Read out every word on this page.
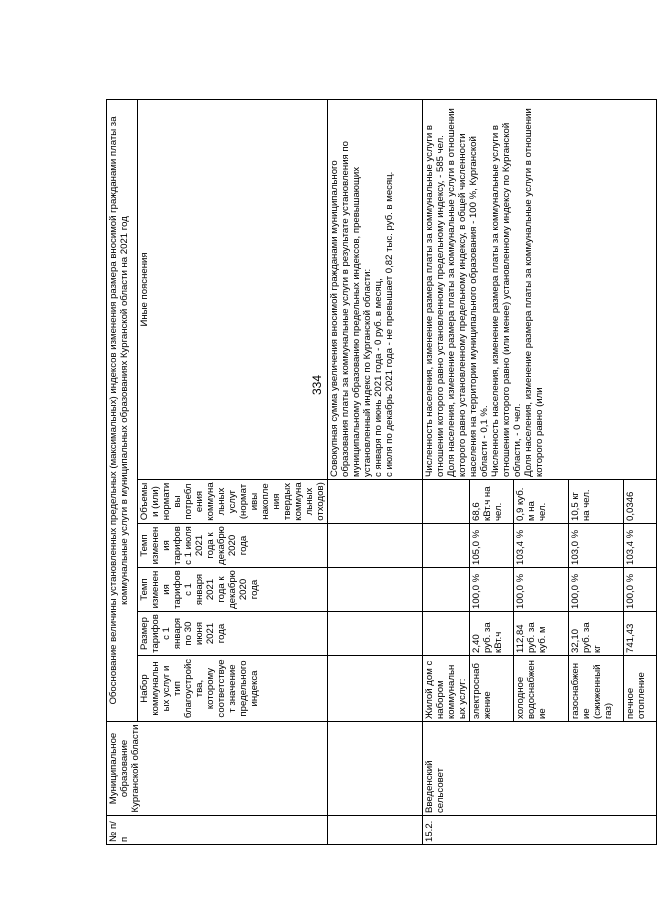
334
№ п/п	Муниципальное образование Курганской области	Обоснование величины установленных предельных (максимальных) индексов изменения размера вносимой гражданами платы за коммунальные услуги в муниципальных образованиях Курганской области на 2021 год					
		Набор коммунальных услуг и тип благоустройства, которому соответствует значение предельного индекса	Размер тарифов с 1 января по 30 июня 2021 года	Темп изменения тарифов с 1 января 2021 года к декабрю 2020 года	Темп изменения тарифов с 1 июля 2021 года к декабрю 2020 года	Объемы и (или) нормативы потребления коммунальных услуг (нормативы накопления твердых коммунальных отходов)	Иные пояснения
							Совокупная сумма увеличения вносимой гражданами муниципального образования платы за коммунальные услуги в результате установления по муниципальному образованию предельных индексов, превышающих установленный индекс по Курганской области:
с января по июнь 2021 года - 0 руб. в месяц,
с июля по декабрь 2021 года - не превышает 0,82 тыс. руб. в месяц.
15.2.	Введенский сельсовет	Жилой дом с набором коммунальных услуг:					Численность населения, изменение размера платы за коммунальные услуги в отношении которого равно установленному предельному индексу, - 585 чел.
Доля населения, изменение размера платы за коммунальные услуги в отношении которого равно установленному предельному индексу, в общей численности населения на территории муниципального образования - 100 %, Курганской области - 0,1 %.
Численность населения, изменение размера платы за коммунальные услуги в отношении которого равно (или менее) установленному индексу по Курганской области, - 0 чел.
Доля населения, изменение размера платы за коммунальные услуги в отношении которого равно (или
		электроснабжение	2,40 руб. за кВт.ч	100,0 %	105,0 %	68,6 кВт.ч на чел.	
		холодное водоснабжение	112,84 руб. за куб. м	100,0 %	103,4 %	0,9 куб. м на чел.	
		газоснабжение (сжиженный газ)	32,10 руб. за кг	100,0 %	103,0 %	10,5 кг на чел.	
		печное отопление	741,43	100,0 %	103,4 %	0,0346	
